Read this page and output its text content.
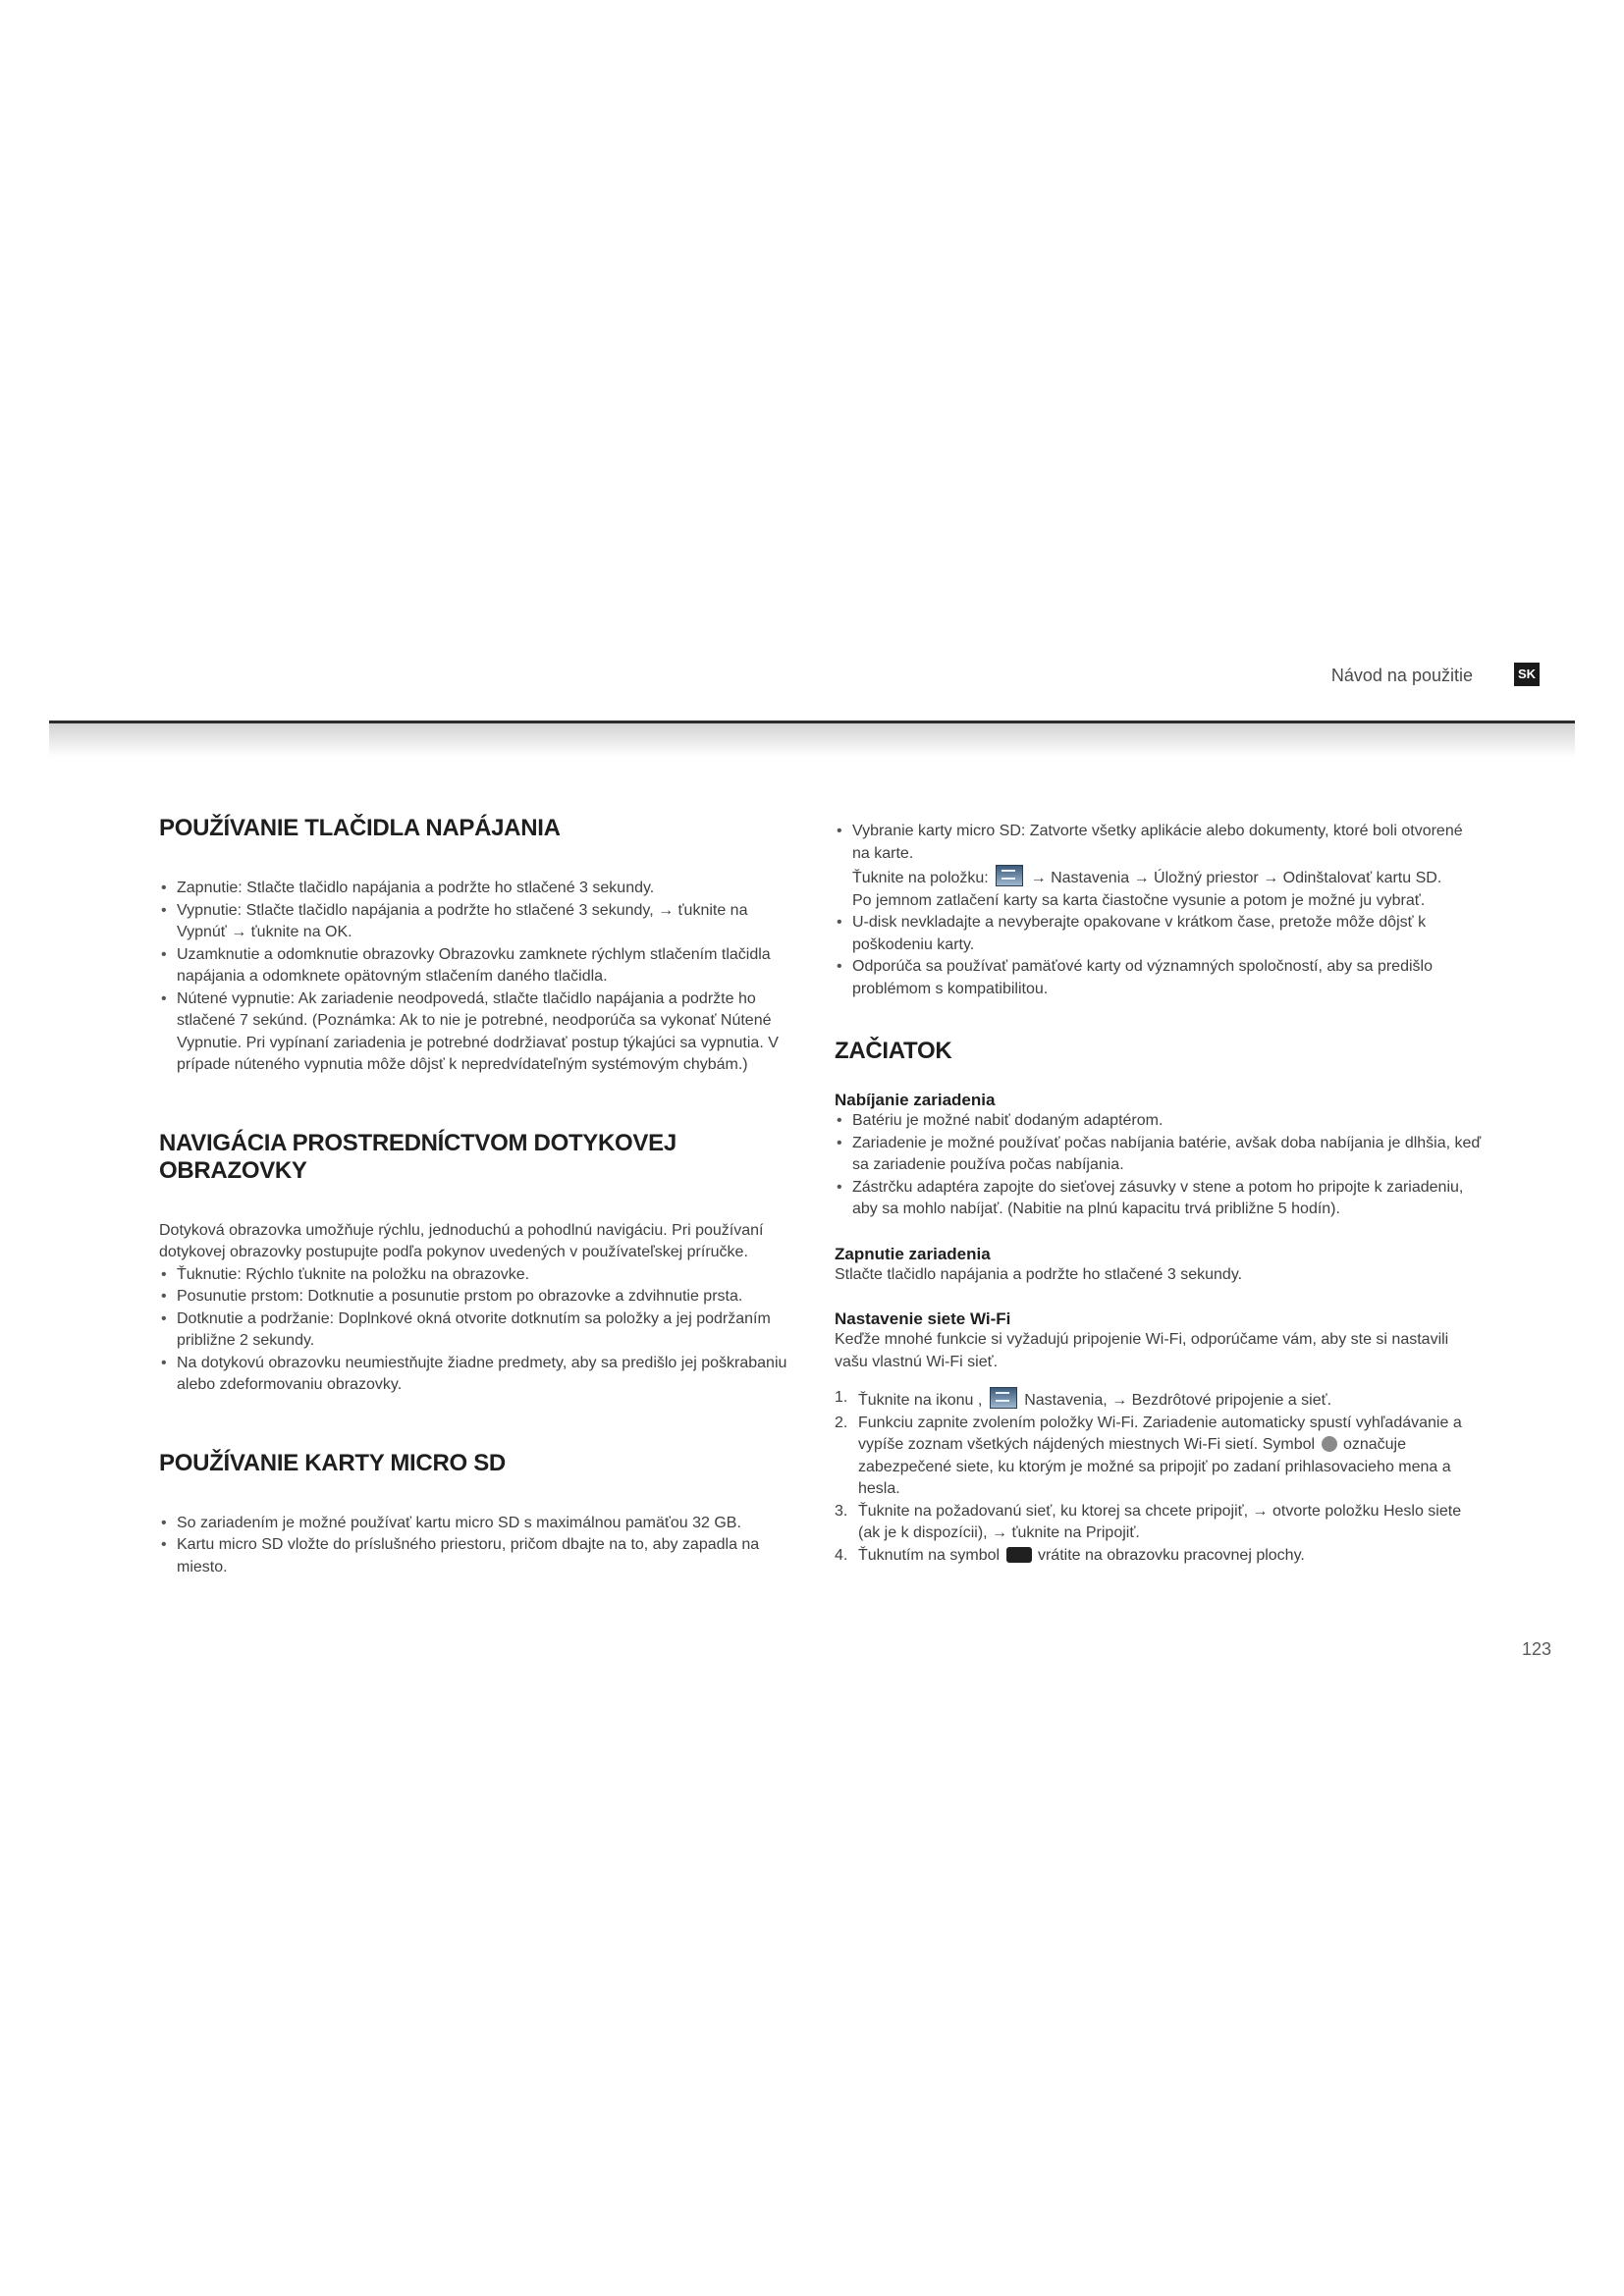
Návod na použitie	SK
POUŽÍVANIE TLAČIDLA NAPÁJANIA
• Zapnutie: Stlačte tlačidlo napájania a podržte ho stlačené 3 sekundy.
• Vypnutie: Stlačte tlačidlo napájania a podržte ho stlačené 3 sekundy, → ťuknite na Vypnúť → ťuknite na OK.
• Uzamknutie a odomknutie obrazovky Obrazovku zamknete rýchlym stlačením tlačidla napájania a odomknete opätovným stlačením daného tlačidla.
• Nútené vypnutie: Ak zariadenie neodpovedá, stlačte tlačidlo napájania a podržte ho stlačené 7 sekúnd. (Poznámka: Ak to nie je potrebné, neodporúča sa vykonať Nútené Vypnutie. Pri vypínaní zariadenia je potrebné dodržiavať postup týkajúci sa vypnutia. V prípade núteného vypnutia môže dôjsť k nepredvídateľným systémovým chybám.)
NAVIGÁCIA PROSTREDNÍCTVOM DOTYKOVEJ OBRAZOVKY

Dotyková obrazovka umožňuje rýchlu, jednoduchú a pohodlnú navigáciu. Pri používaní dotykovej obrazovky postupujte podľa pokynov uvedených v používateľskej príručke.

• Ťuknutie: Rýchlo ťuknite na položku na obrazovke.
• Posunutie prstom: Dotknutie a posunutie prstom po obrazovke a zdvihnutie prsta.
• Dotknutie a podržanie: Doplnkové okná otvorite dotknutím sa položky a jej podržaním približne 2 sekundy.
• Na dotykovú obrazovku neumiestňujte žiadne predmety, aby sa predišlo jej poškrabaniu alebo zdeformovaniu obrazovky.
POUŽÍVANIE KARTY MICRO SD
• So zariadením je možné používať kartu micro SD s maximálnou pamäťou 32 GB.
• Kartu micro SD vložte do príslušného priestoru, pričom dbajte na to, aby zapadla na miesto.
• Vybranie karty micro SD: Zatvorte všetky aplikácie alebo dokumenty, ktoré boli otvorené na karte.
Ťuknite na položku:	→ Nastavenia → Úložný priestor → Odinštalovať kartu SD.
Po jemnom zatlačení karty sa karta čiastočne vysunie a potom je možné ju vybrať.
• U-disk nevkladajte a nevyberajte opakovane v krátkom čase, pretože môže dôjsť k poškodeniu karty.
• Odporúča sa používať pamäťové karty od významných spoločností, aby sa predišlo problémom s kompatibilitou.
ZAČIATOK
Nabíjanie zariadenia
• Batériu je možné nabiť dodaným adaptérom.
• Zariadenie je možné používať počas nabíjania batérie, avšak doba nabíjania je dlhšia, keď sa zariadenie používa počas nabíjania.
• Zástrčku adaptéra zapojte do sieťovej zásuvky v stene a potom ho pripojte k zariadeniu, aby sa mohlo nabíjať. (Nabitie na plnú kapacitu trvá približne 5 hodín).
Zapnutie zariadenia

Stlačte tlačidlo napájania a podržte ho stlačené 3 sekundy.

Nastavenie siete Wi-Fi

Keďže mnohé funkcie si vyžadujú pripojenie Wi-Fi, odporúčame vám, aby ste si nastavili vašu vlastnú Wi-Fi sieť.

1. Ťuknite na ikonu ,	Nastavenia, → Bezdrôtové pripojenie a sieť.
2. Funkciu zapnite zvolením položky Wi-Fi. Zariadenie automaticky spustí vyhľadávanie a vypíše zoznam všetkých nájdených miestnych Wi-Fi sietí. Symbol označuje zabezpečené siete, ku ktorým je možné sa pripojiť po zadaní prihlasovacieho mena a hesla.
3. Ťuknite na požadovanú sieť, ku ktorej sa chcete pripojiť, → otvorte položku Heslo siete (ak je k dispozícii), → ťuknite na Pripojiť.
4. Ťuknutím na symbol vrátite na obrazovku pracovnej plochy.
123
